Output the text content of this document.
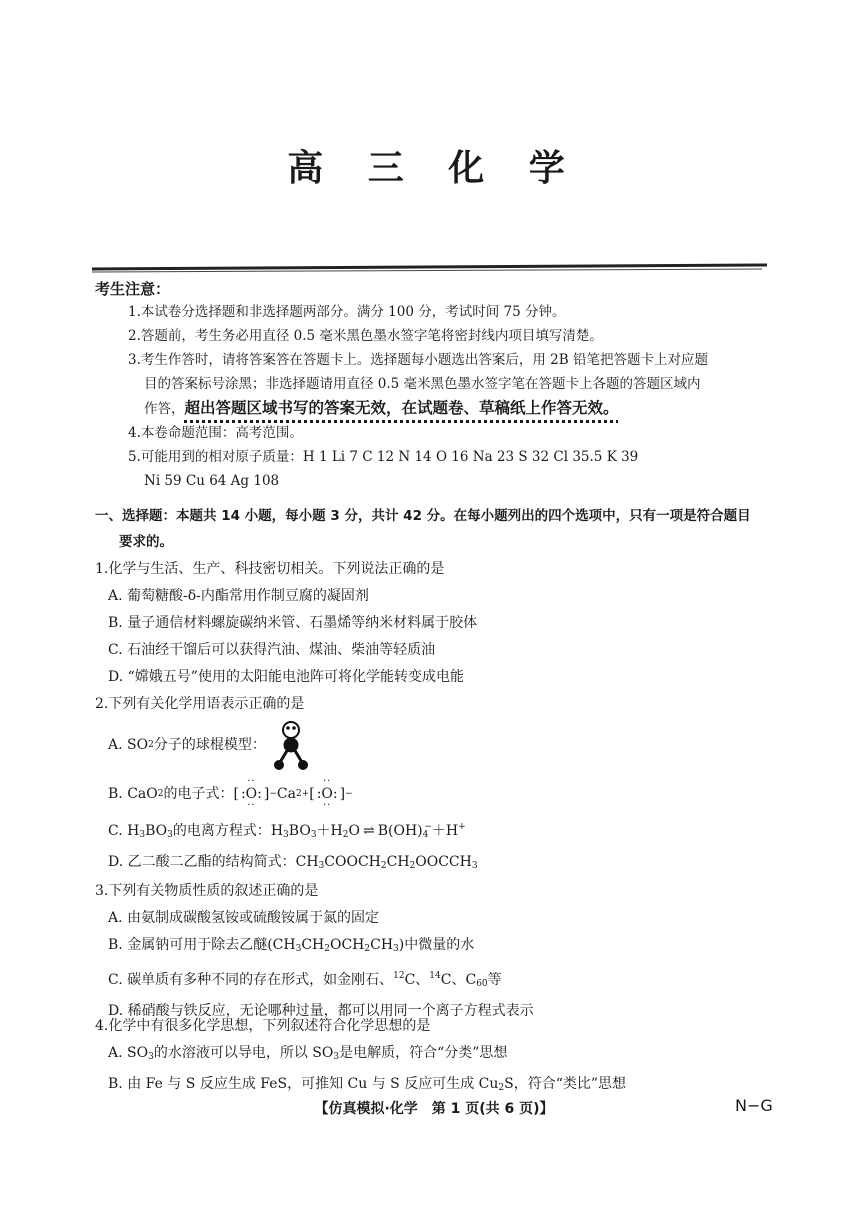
高 三 化 学
考生注意：
1.本试卷分选择题和非选择题两部分。满分 100 分，考试时间 75 分钟。
2.答题前，考生务必用直径 0.5 毫米黑色墨水签字笔将密封线内项目填写清楚。
3.考生作答时，请将答案答在答题卡上。选择题每小题选出答案后，用 2B 铅笔把答题卡上对应题
目的答案标号涂黑；非选择题请用直径 0.5 毫米黑色墨水签字笔在答题卡上各题的答题区域内
作答，超出答题区域书写的答案无效，在试题卷、草稿纸上作答无效。
4.本卷命题范围：高考范围。
5.可能用到的相对原子质量：H 1 Li 7 C 12 N 14 O 16 Na 23 S 32 Cl 35.5 K 39
Ni 59 Cu 64 Ag 108
一、选择题：本题共 14 小题，每小题 3 分，共计 42 分。在每小题列出的四个选项中，只有一项是符合题目
要求的。
1.化学与生活、生产、科技密切相关。下列说法正确的是
A. 葡萄糖酸-δ-内酯常用作制豆腐的凝固剂
B. 量子通信材料螺旋碳纳米管、石墨烯等纳米材料属于胶体
C. 石油经干馏后可以获得汽油、煤油、柴油等轻质油
D. “嫦娥五号”使用的太阳能电池阵可将化学能转变成电能
2.下列有关化学用语表示正确的是
A. SO 2 分子的球棍模型：
B. CaO 2 的电子式：[
··
:O:
··
] − Ca 2+ [
··
:O:
··
] −
C. $H_3BO_3$的电离方程式：$H_3BO_3+H_2O$ ⇌ $B(OH)_4^-+H^+$
D. 乙二酸二乙酯的结构简式：$CH_3COOCH_2CH_2OOCCH_3$
3.下列有关物质性质的叙述正确的是
A. 由氨制成碳酸氢铵或硫酸铵属于氮的固定
B. 金属钠可用于除去乙醚$(CH_3CH_2OCH_2CH_3)$中微量的水
C. 碳单质有多种不同的存在形式，如金刚石、$^{12}$C、$^{14}$C、$C_{60}$等
D. 稀硝酸与铁反应，无论哪种过量，都可以用同一个离子方程式表示
4.化学中有很多化学思想，下列叙述符合化学思想的是
A. $SO_3$的水溶液可以导电，所以 $SO_3$是电解质，符合“分类”思想
B. 由 Fe 与 S 反应生成 FeS，可推知 Cu 与 S 反应可生成 $Cu_2S$，符合“类比”思想
【仿真模拟·化学　第 1 页(共 6 页)】	N−G
